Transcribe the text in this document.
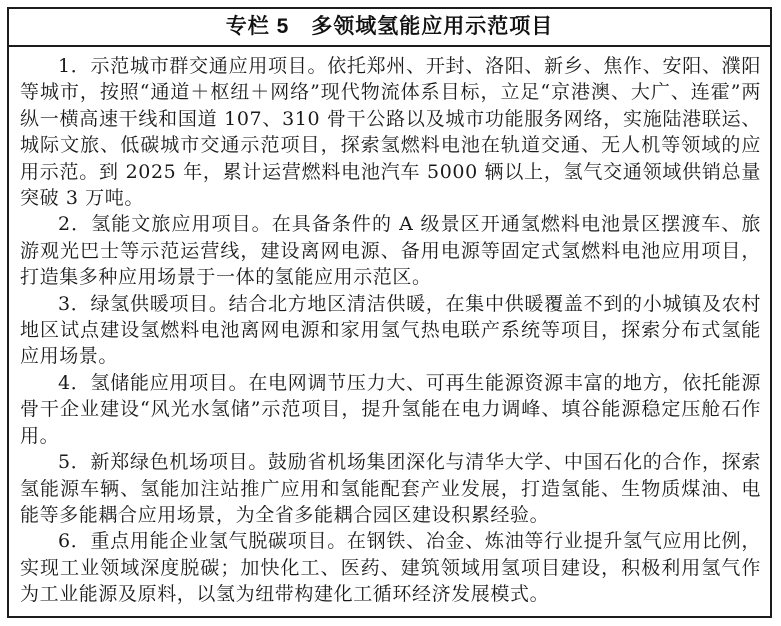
专栏 5　多领域氢能应用示范项目

1．示范城市群交通应用项目。依托郑州、开封、洛阳、新乡、焦作、安阳、濮阳等城市，按照“通道＋枢纽＋网络”现代物流体系目标，立足“京港澳、大广、连霍”两纵一横高速干线和国道 107、310 骨干公路以及城市功能服务网络，实施陆港联运、城际文旅、低碳城市交通示范项目，探索氢燃料电池在轨道交通、无人机等领域的应用示范。到 2025 年，累计运营燃料电池汽车 5000 辆以上，氢气交通领域供销总量突破 3 万吨。

2．氢能文旅应用项目。在具备条件的 A 级景区开通氢燃料电池景区摆渡车、旅游观光巴士等示范运营线，建设离网电源、备用电源等固定式氢燃料电池应用项目，打造集多种应用场景于一体的氢能应用示范区。

3．绿氢供暖项目。结合北方地区清洁供暖，在集中供暖覆盖不到的小城镇及农村地区试点建设氢燃料电池离网电源和家用氢气热电联产系统等项目，探索分布式氢能应用场景。

4．氢储能应用项目。在电网调节压力大、可再生能源资源丰富的地方，依托能源骨干企业建设“风光水氢储”示范项目，提升氢能在电力调峰、填谷能源稳定压舱石作用。

5．新郑绿色机场项目。鼓励省机场集团深化与清华大学、中国石化的合作，探索氢能源车辆、氢能加注站推广应用和氢能配套产业发展，打造氢能、生物质煤油、电能等多能耦合应用场景，为全省多能耦合园区建设积累经验。

6．重点用能企业氢气脱碳项目。在钢铁、冶金、炼油等行业提升氢气应用比例，实现工业领域深度脱碳；加快化工、医药、建筑领域用氢项目建设，积极利用氢气作为工业能源及原料，以氢为纽带构建化工循环经济发展模式。
